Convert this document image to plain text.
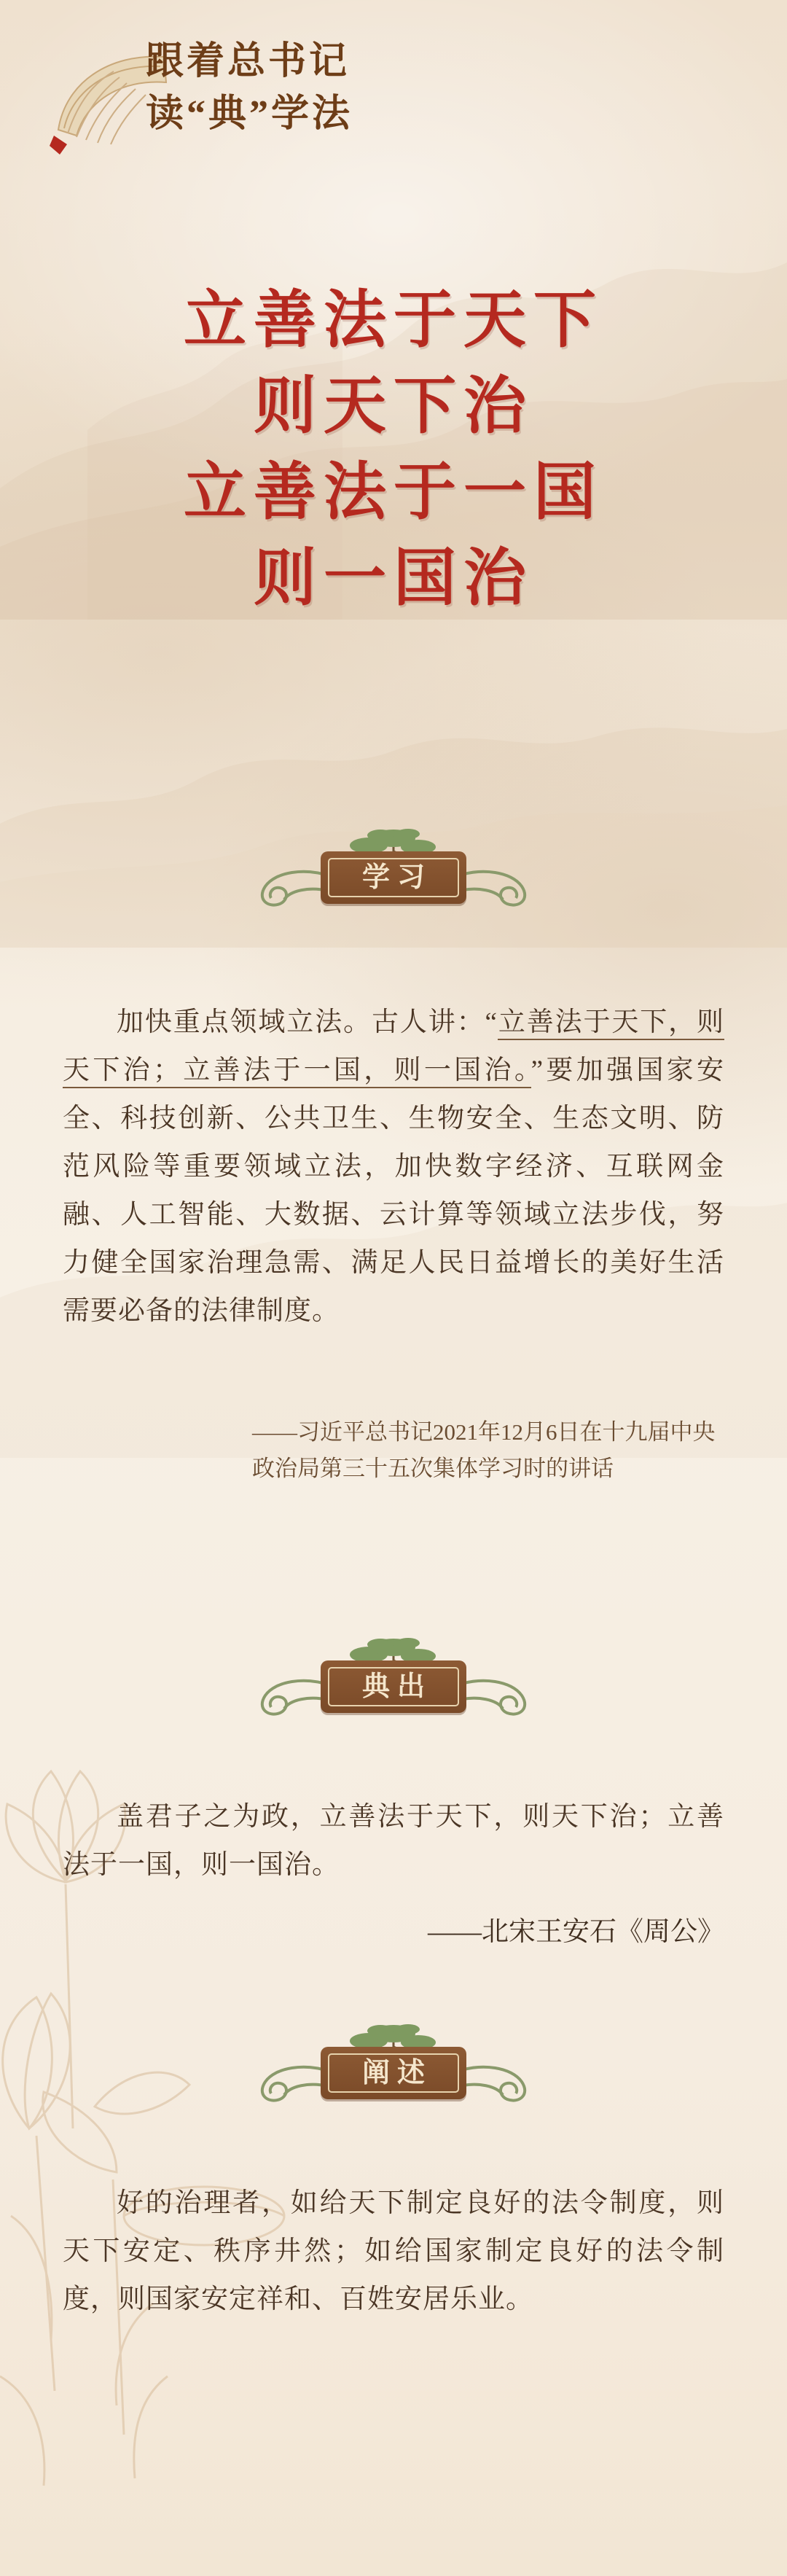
跟着总书记
读“典”学法
立善法于天下
则天下治
立善法于一国
则一国治
学习

加快重点领域立法。古人讲：“立善法于天下，则天下治；立善法于一国，则一国治。”要加强国家安全、科技创新、公共卫生、生物安全、生态文明、防范风险等重要领域立法，加快数字经济、互联网金融、人工智能、大数据、云计算等领域立法步伐，努力健全国家治理急需、满足人民日益增长的美好生活需要必备的法律制度。

——习近平总书记2021年12月6日在十九届中央政治局第三十五次集体学习时的讲话
典出

盖君子之为政，立善法于天下，则天下治；立善法于一国，则一国治。

——北宋王安石《周公》
阐述

好的治理者，如给天下制定良好的法令制度，则天下安定、秩序井然；如给国家制定良好的法令制度，则国家安定祥和、百姓安居乐业。
